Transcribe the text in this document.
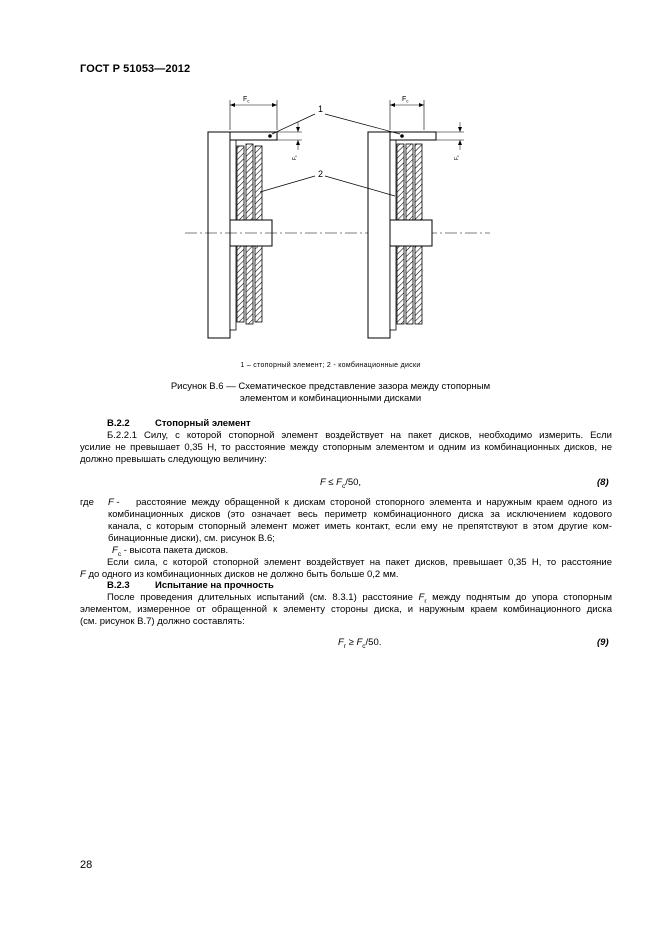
ГОСТ Р 51053—2012
$F_c$
$F_c$
$F_c$
$F_c$
1
2
1 – стопорный элемент; 2 - комбинационные диски
Рисунок В.6 — Схематическое представление зазора между стопорным
элементом и комбинационными дисками
В.2.2	Стопорный элемент
Б.2.2.1 Силу, с которой стопорной элемент воздействует на пакет дисков, необходимо измерить. Если
усилие не превышает 0,35 Н, то расстояние между стопорным элементом и одним из комбинационных дисков, не
должно превышать следующую величину:
$F \le F_c/50$,	(8)
где F - расстояние между обращенной к дискам стороной стопорного элемента и наружным краем одного из
комбинационных дисков (это означает весь периметр комбинационного диска за исключением кодового
канала, с которым стопорный элемент может иметь контакт, если ему не препятствуют в этом другие ком-
бинационные диски), см. рисунок В.6;
$F_c$ - высота пакета дисков.
Если сила, с которой стопорной элемент воздействует на пакет дисков, превышает 0,35 Н, то расстояние
F до одного из комбинационных дисков не должно быть больше 0,2 мм.
В.2.3	Испытание на прочность
После проведения длительных испытаний (см. 8.3.1) расстояние $F_r$ между поднятым до упора стопорным
элементом, измеренное от обращенной к элементу стороны диска, и наружным краем комбинационного диска
(см. рисунок В.7) должно составлять:
$F_r \ge F_c/50$.	(9)
28
